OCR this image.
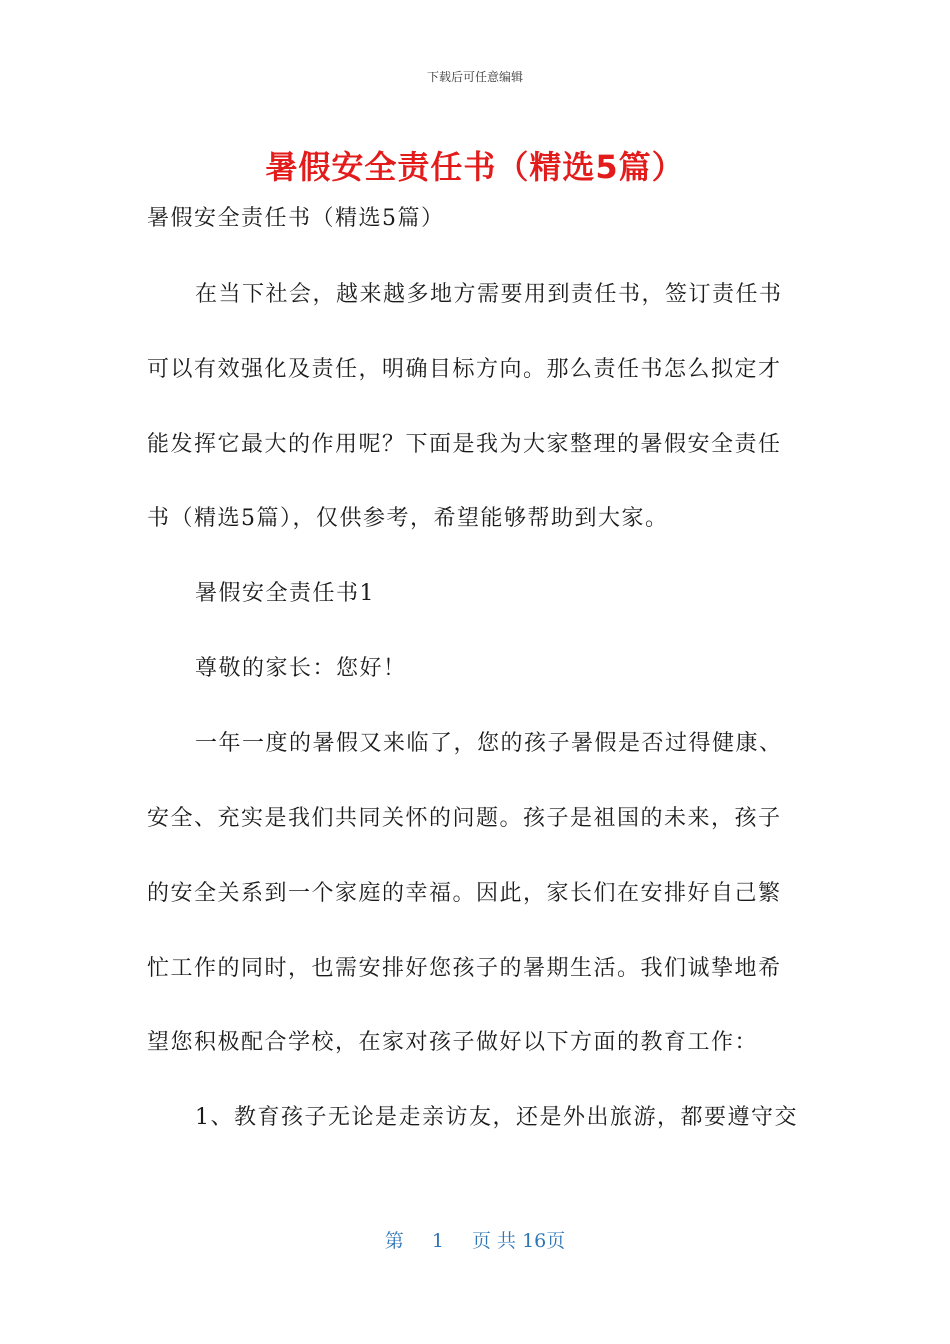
下载后可任意编辑
暑假安全责任书（精选5篇）
暑假安全责任书（精选5篇）
在当下社会，越来越多地方需要用到责任书，签订责任书
可以有效强化及责任，明确目标方向。那么责任书怎么拟定才
能发挥它最大的作用呢？下面是我为大家整理的暑假安全责任
书（精选5篇），仅供参考，希望能够帮助到大家。
暑假安全责任书1
尊敬的家长：您好！
一年一度的暑假又来临了，您的孩子暑假是否过得健康、
安全、充实是我们共同关怀的问题。孩子是祖国的未来，孩子
的安全关系到一个家庭的幸福。因此，家长们在安排好自己繁
忙工作的同时，也需安排好您孩子的暑期生活。我们诚挚地希
望您积极配合学校，在家对孩子做好以下方面的教育工作：
1、教育孩子无论是走亲访友，还是外出旅游，都要遵守交
第 1 页 共 16页
